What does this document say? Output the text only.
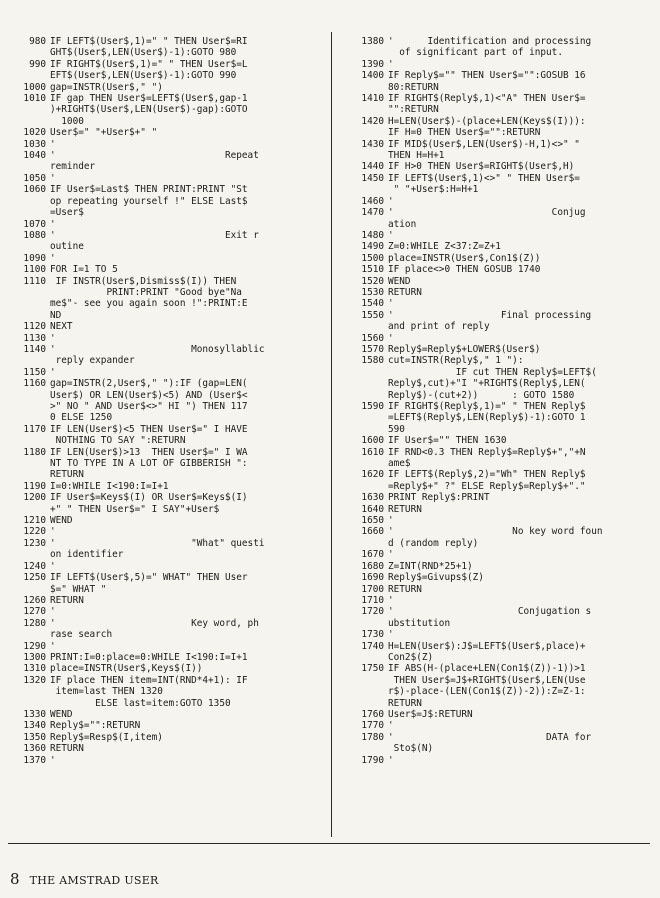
980 IF LEFT$(User$,1)=" " THEN User$=RI
GHT$(User$,LEN(User$)-1):GOTO 980
990 IF RIGHT$(User$,1)=" " THEN User$=L
EFT$(User$,LEN(User$)-1):GOTO 990
1000 gap=INSTR(User$," ")
1010 IF gap THEN User$=LEFT$(User$,gap-1
)+RIGHT$(User$,LEN(User$)-gap):GOTO
1000
1020 User$=" "+User$+" "
1030 '
1040 '                              Repeat
reminder
1050 '
1060 IF User$=Last$ THEN PRINT:PRINT "St
op repeating yourself !" ELSE Last$
=User$
1070 '
1080 '                              Exit r
outine
1090 '
1100 FOR I=1 TO 5
1110 IF INSTR(User$,Dismiss$(I)) THEN
PRINT:PRINT "Good bye"Na
me$"- see you again soon !":PRINT:E
ND
1120 NEXT
1130 '
1140 '                        Monosyllablic
reply expander
1150 '
1160 gap=INSTR(2,User$," "):IF (gap=LEN(
User$) OR LEN(User$)<5) AND (User$<
>" NO " AND User$<>" HI ") THEN 117
0 ELSE 1250
1170 IF LEN(User$)<5 THEN User$=" I HAVE
NOTHING TO SAY ":RETURN
1180 IF LEN(User$)>13  THEN User$=" I WA
NT TO TYPE IN A LOT OF GIBBERISH ":
RETURN
1190 I=0:WHILE I<190:I=I+1
1200 IF User$=Keys$(I) OR User$=Keys$(I)
+" " THEN User$=" I SAY"+User$
1210 WEND
1220 '
1230 '                        "What" questi
on identifier
1240 '
1250 IF LEFT$(User$,5)=" WHAT" THEN User
$=" WHAT "
1260 RETURN
1270 '
1280 '                        Key word, ph
rase search
1290 '
1300 PRINT:I=0:place=0:WHILE I<190:I=I+1
1310 place=INSTR(User$,Keys$(I))
1320 IF place THEN item=INT(RND*4+1): IF
item=last THEN 1320
ELSE last=item:GOTO 1350
1330 WEND
1340 Reply$="":RETURN
1350 Reply$=Resp$(I,item)
1360 RETURN
1370 '
1380 '      Identification and processing
of significant part of input.
1390 '
1400 IF Reply$="" THEN User$="":GOSUB 16
80:RETURN
1410 IF RIGHT$(Reply$,1)<"A" THEN User$=
"":RETURN
1420 H=LEN(User$)-(place+LEN(Keys$(I))):
IF H=0 THEN User$="":RETURN
1430 IF MID$(User$,LEN(User$)-H,1)<>" "
THEN H=H+1
1440 IF H>0 THEN User$=RIGHT$(User$,H)
1450 IF LEFT$(User$,1)<>" " THEN User$=
" "+User$:H=H+1
1460 '
1470 '                            Conjug
ation
1480 '
1490 Z=0:WHILE Z<37:Z=Z+1
1500 place=INSTR(User$,Con1$(Z))
1510 IF place<>0 THEN GOSUB 1740
1520 WEND
1530 RETURN
1540 '
1550 '                   Final processing
and print of reply
1560 '
1570 Reply$=Reply$+LOWER$(User$)
1580 cut=INSTR(Reply$," 1 "):
IF cut THEN Reply$=LEFT$(
Reply$,cut)+"I "+RIGHT$(Reply$,LEN(
Reply$)-(cut+2))      : GOTO 1580
1590 IF RIGHT$(Reply$,1)=" " THEN Reply$
=LEFT$(Reply$,LEN(Reply$)-1):GOTO 1
590
1600 IF User$="" THEN 1630
1610 IF RND<0.3 THEN Reply$=Reply$+","+N
ame$
1620 IF LEFT$(Reply$,2)="Wh" THEN Reply$
=Reply$+" ?" ELSE Reply$=Reply$+"."
1630 PRINT Reply$:PRINT
1640 RETURN
1650 '
1660 '                     No key word foun
d (random reply)
1670 '
1680 Z=INT(RND*25+1)
1690 Reply$=Givups$(Z)
1700 RETURN
1710 '
1720 '                      Conjugation s
ubstitution
1730 '
1740 H=LEN(User$):J$=LEFT$(User$,place)+
Con2$(Z)
1750 IF ABS(H-(place+LEN(Con1$(Z))-1))>1
THEN User$=J$+RIGHT$(User$,LEN(Use
r$)-place-(LEN(Con1$(Z))-2)):Z=Z-1:
RETURN
1760 User$=J$:RETURN
1770 '
1780 '                           DATA for
Sto$(N)
1790 '
8 THE AMSTRAD USER
